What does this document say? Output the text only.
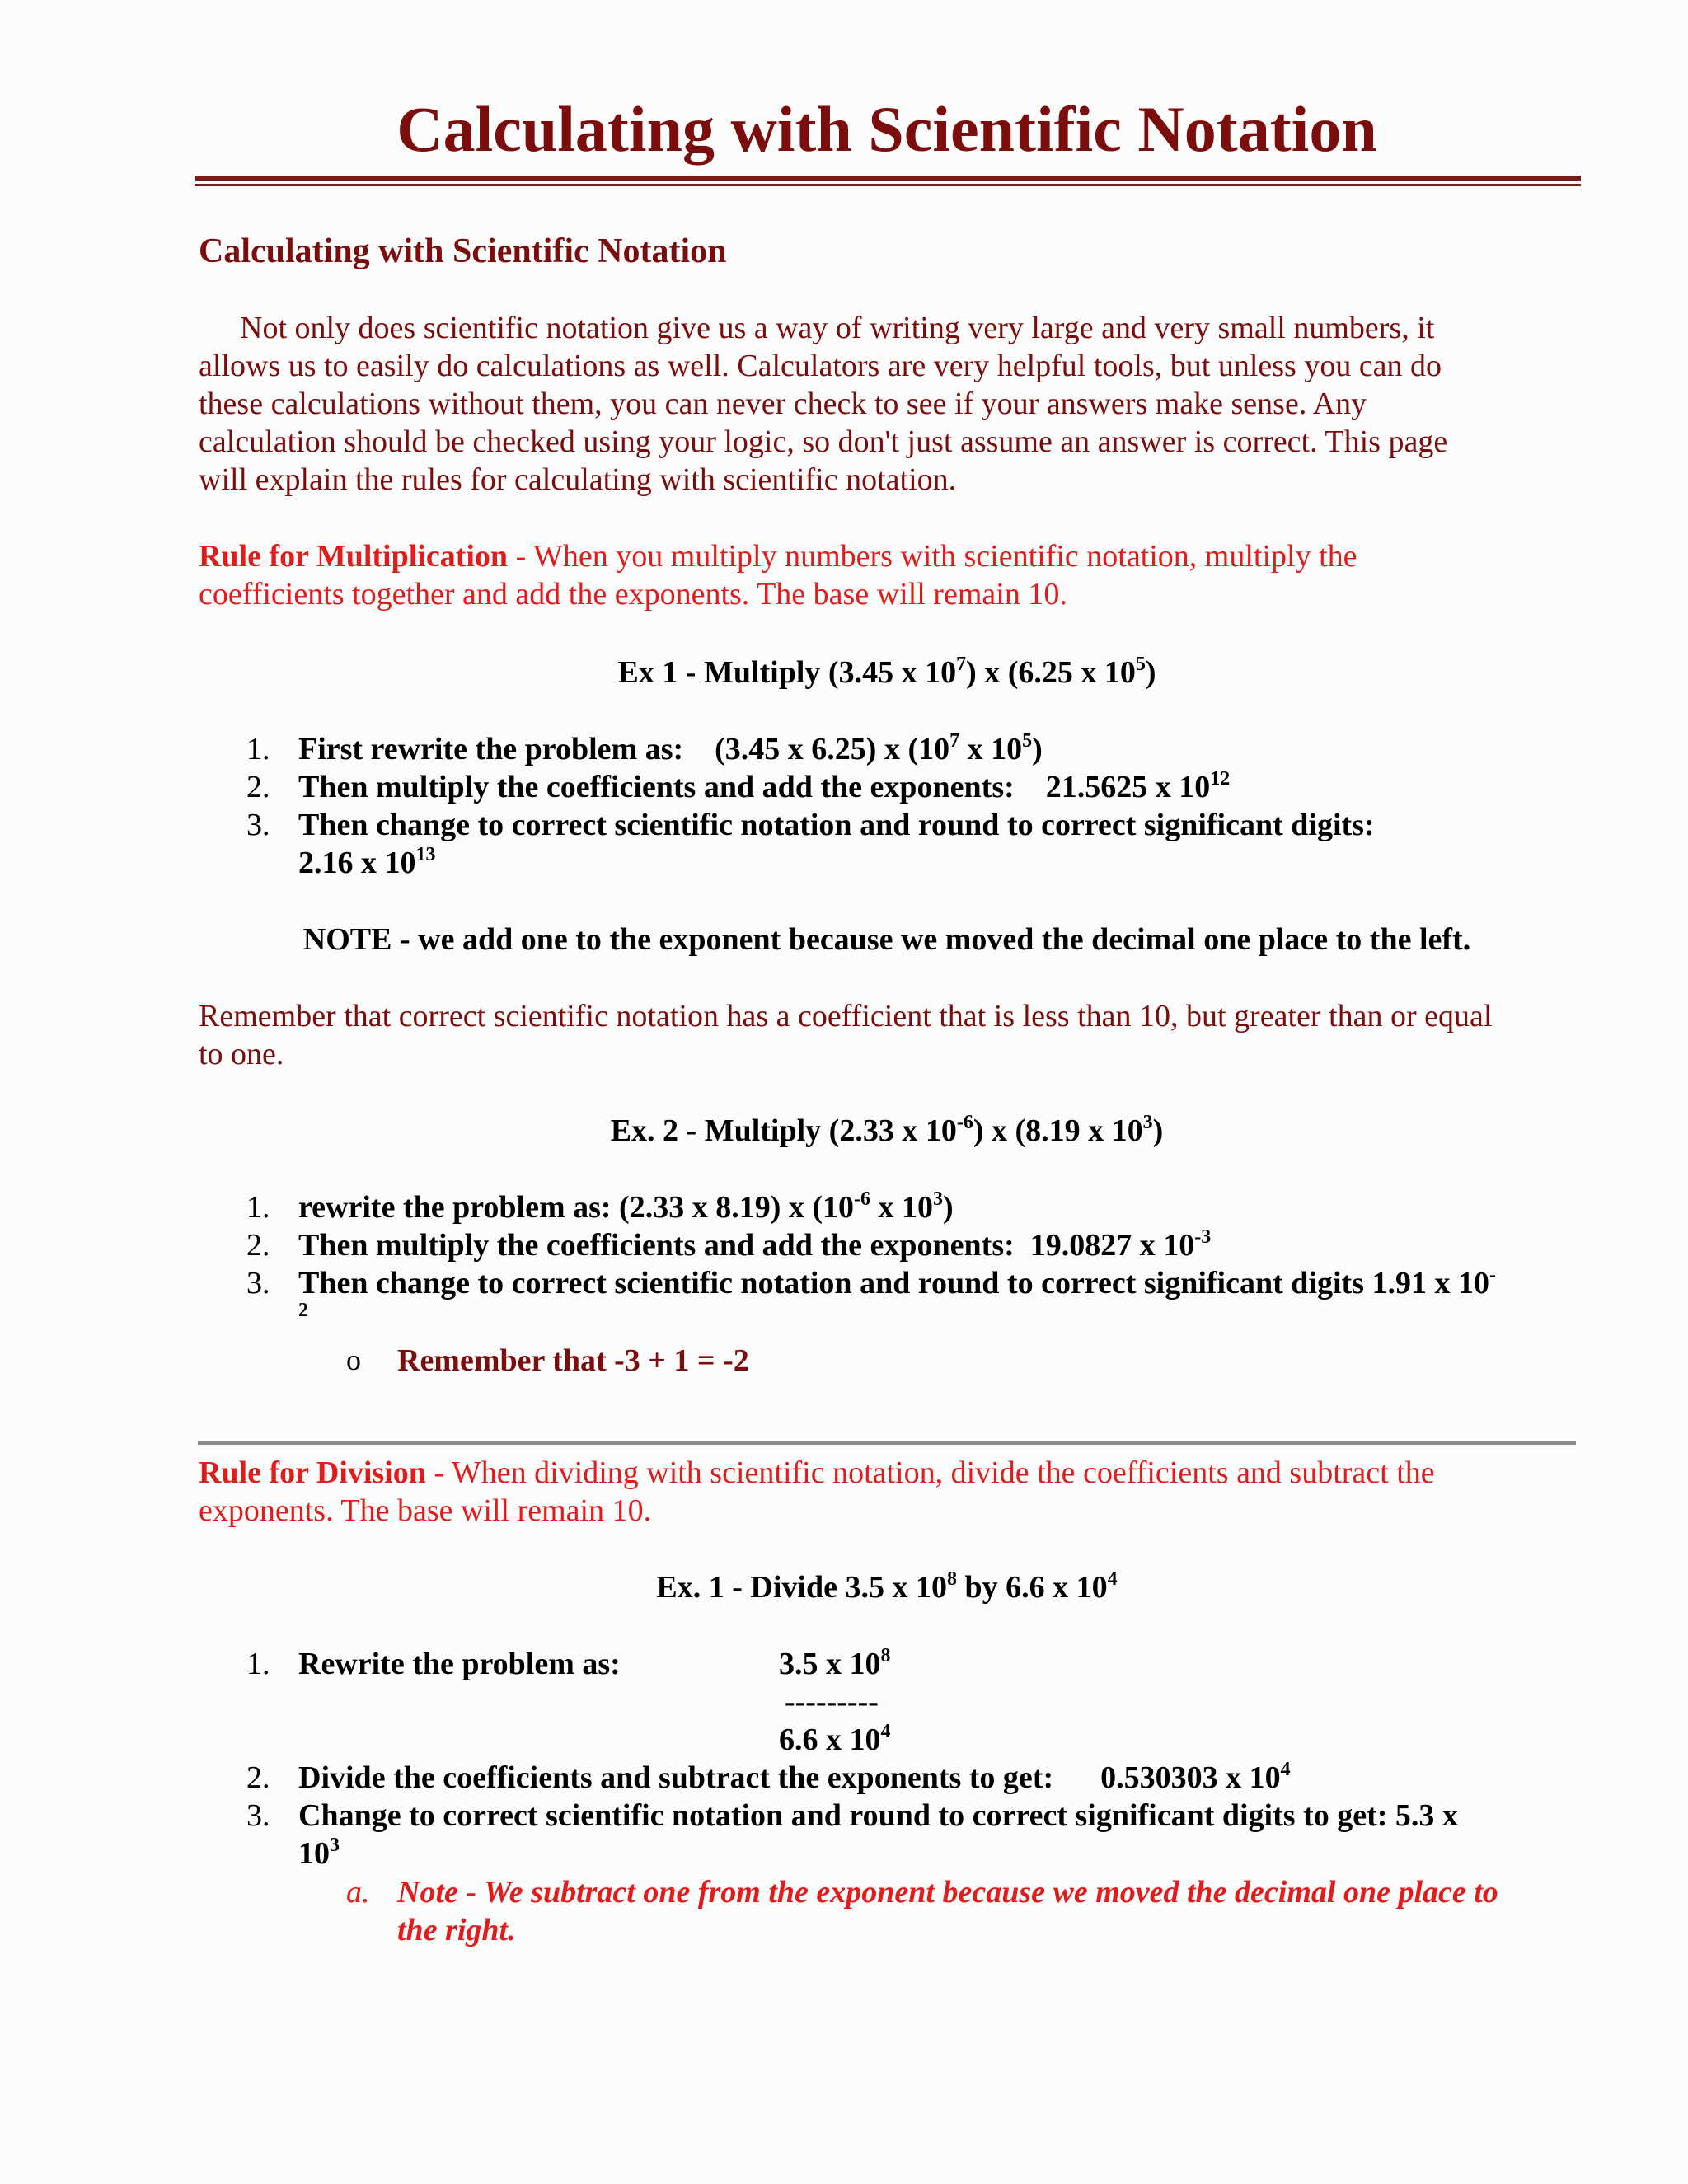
Calculating with Scientific Notation
Calculating with Scientific Notation
Not only does scientific notation give us a way of writing very large and very small numbers, it
allows us to easily do calculations as well. Calculators are very helpful tools, but unless you can do
these calculations without them, you can never check to see if your answers make sense. Any
calculation should be checked using your logic, so don't just assume an answer is correct. This page
will explain the rules for calculating with scientific notation.
Rule for Multiplication - When you multiply numbers with scientific notation, multiply the
coefficients together and add the exponents. The base will remain 10.
Ex 1 - Multiply (3.45 x $10^7$) x (6.25 x $10^5$)
1. First rewrite the problem as:    (3.45 x 6.25) x ($10^7$ x $10^5$)
2. Then multiply the coefficients and add the exponents:    21.5625 x $10^{12}$
3. Then change to correct scientific notation and round to correct significant digits:
2.16 x $10^{13}$
NOTE - we add one to the exponent because we moved the decimal one place to the left.
Remember that correct scientific notation has a coefficient that is less than 10, but greater than or equal
to one.
Ex. 2 - Multiply (2.33 x $10^{-6}$) x (8.19 x $10^3$)
1. rewrite the problem as: (2.33 x 8.19) x ($10^{-6}$ x $10^3$)
2. Then multiply the coefficients and add the exponents:  19.0827 x $10^{-3}$
3. Then change to correct scientific notation and round to correct significant digits 1.91 x 10-
2
o Remember that -3 + 1 = -2
Rule for Division - When dividing with scientific notation, divide the coefficients and subtract the
exponents. The base will remain 10.
Ex. 1 - Divide 3.5 x $10^8$ by 6.6 x $10^4$
1. Rewrite the problem as:	3.5 x $10^8$
---------
6.6 x $10^4$
2. Divide the coefficients and subtract the exponents to get:      0.530303 x $10^4$
3. Change to correct scientific notation and round to correct significant digits to get: 5.3 x
$10^3$
a. Note - We subtract one from the exponent because we moved the decimal one place to
the right.
